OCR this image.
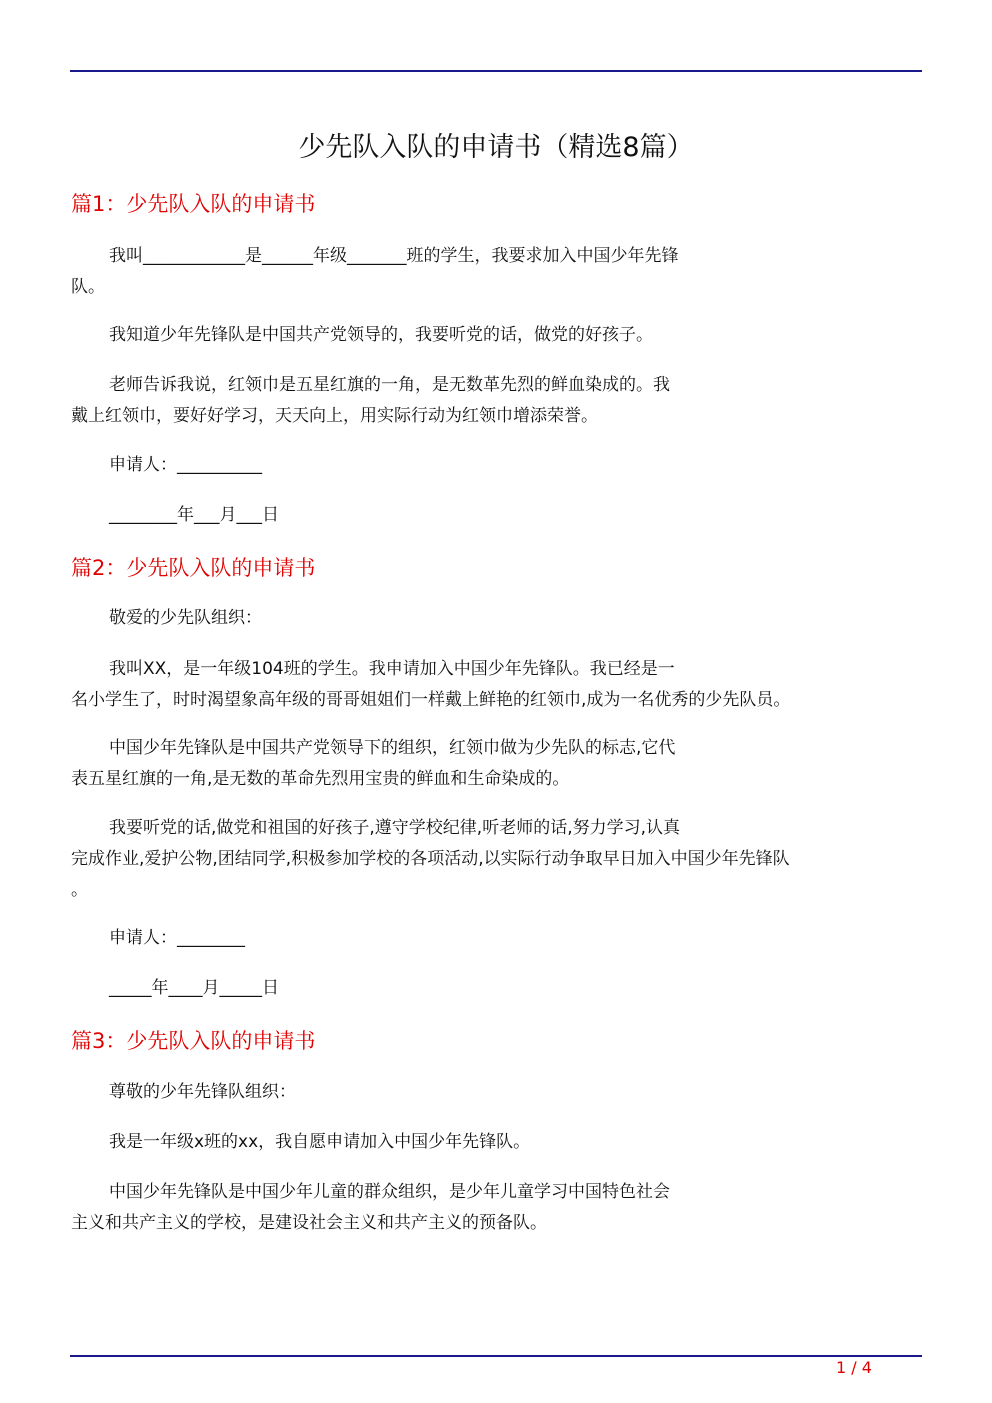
少先队入队的申请书（精选8篇）
篇1：少先队入队的申请书

我叫____________是______年级_______班的学生，我要求加入中国少年先锋
队。

我知道少年先锋队是中国共产党领导的，我要听党的话，做党的好孩子。

老师告诉我说，红领巾是五星红旗的一角，是无数革先烈的鲜血染成的。我
戴上红领巾，要好好学习，天天向上，用实际行动为红领巾增添荣誉。

申请人：__________

________年___月___日

篇2：少先队入队的申请书

敬爱的少先队组织：

我叫XX，是一年级104班的学生。我申请加入中国少年先锋队。我已经是一
名小学生了，时时渴望象高年级的哥哥姐姐们一样戴上鲜艳的红领巾,成为一名优秀的少先队员。

中国少年先锋队是中国共产党领导下的组织，红领巾做为少先队的标志,它代
表五星红旗的一角,是无数的革命先烈用宝贵的鲜血和生命染成的。

我要听党的话,做党和祖国的好孩子,遵守学校纪律,听老师的话,努力学习,认真
完成作业,爱护公物,团结同学,积极参加学校的各项活动,以实际行动争取早日加入中国少年先锋队
。

申请人：________

_____年____月_____日

篇3：少先队入队的申请书

尊敬的少年先锋队组织：

我是一年级x班的xx，我自愿申请加入中国少年先锋队。

中国少年先锋队是中国少年儿童的群众组织，是少年儿童学习中国特色社会
主义和共产主义的学校，是建设社会主义和共产主义的预备队。

1 / 4
